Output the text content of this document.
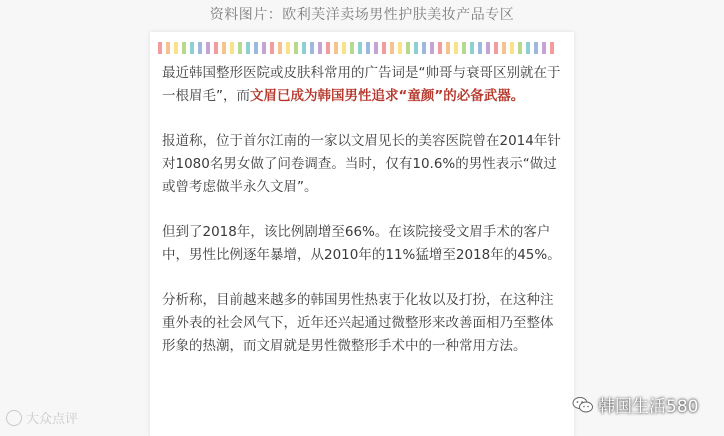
资料图片：欧利芙洋卖场男性护肤美妆产品专区

最近韩国整形医院或皮肤科常用的广告词是“帅哥与衰哥区别就在于一根眉毛”，而文眉已成为韩国男性追求“童颜”的必备武器。

报道称，位于首尔江南的一家以文眉见长的美容医院曾在2014年针对1080名男女做了问卷调查。当时，仅有10.6%的男性表示“做过或曾考虑做半永久文眉”。

但到了2018年，该比例剧增至66%。在该院接受文眉手术的客户中，男性比例逐年暴增，从2010年的11%猛增至2018年的45%。

分析称，目前越来越多的韩国男性热衷于化妆以及打扮，在这种注重外表的社会风气下，近年还兴起通过微整形来改善面相乃至整体形象的热潮，而文眉就是男性微整形手术中的一种常用方法。

大众点评
韩国生活580
